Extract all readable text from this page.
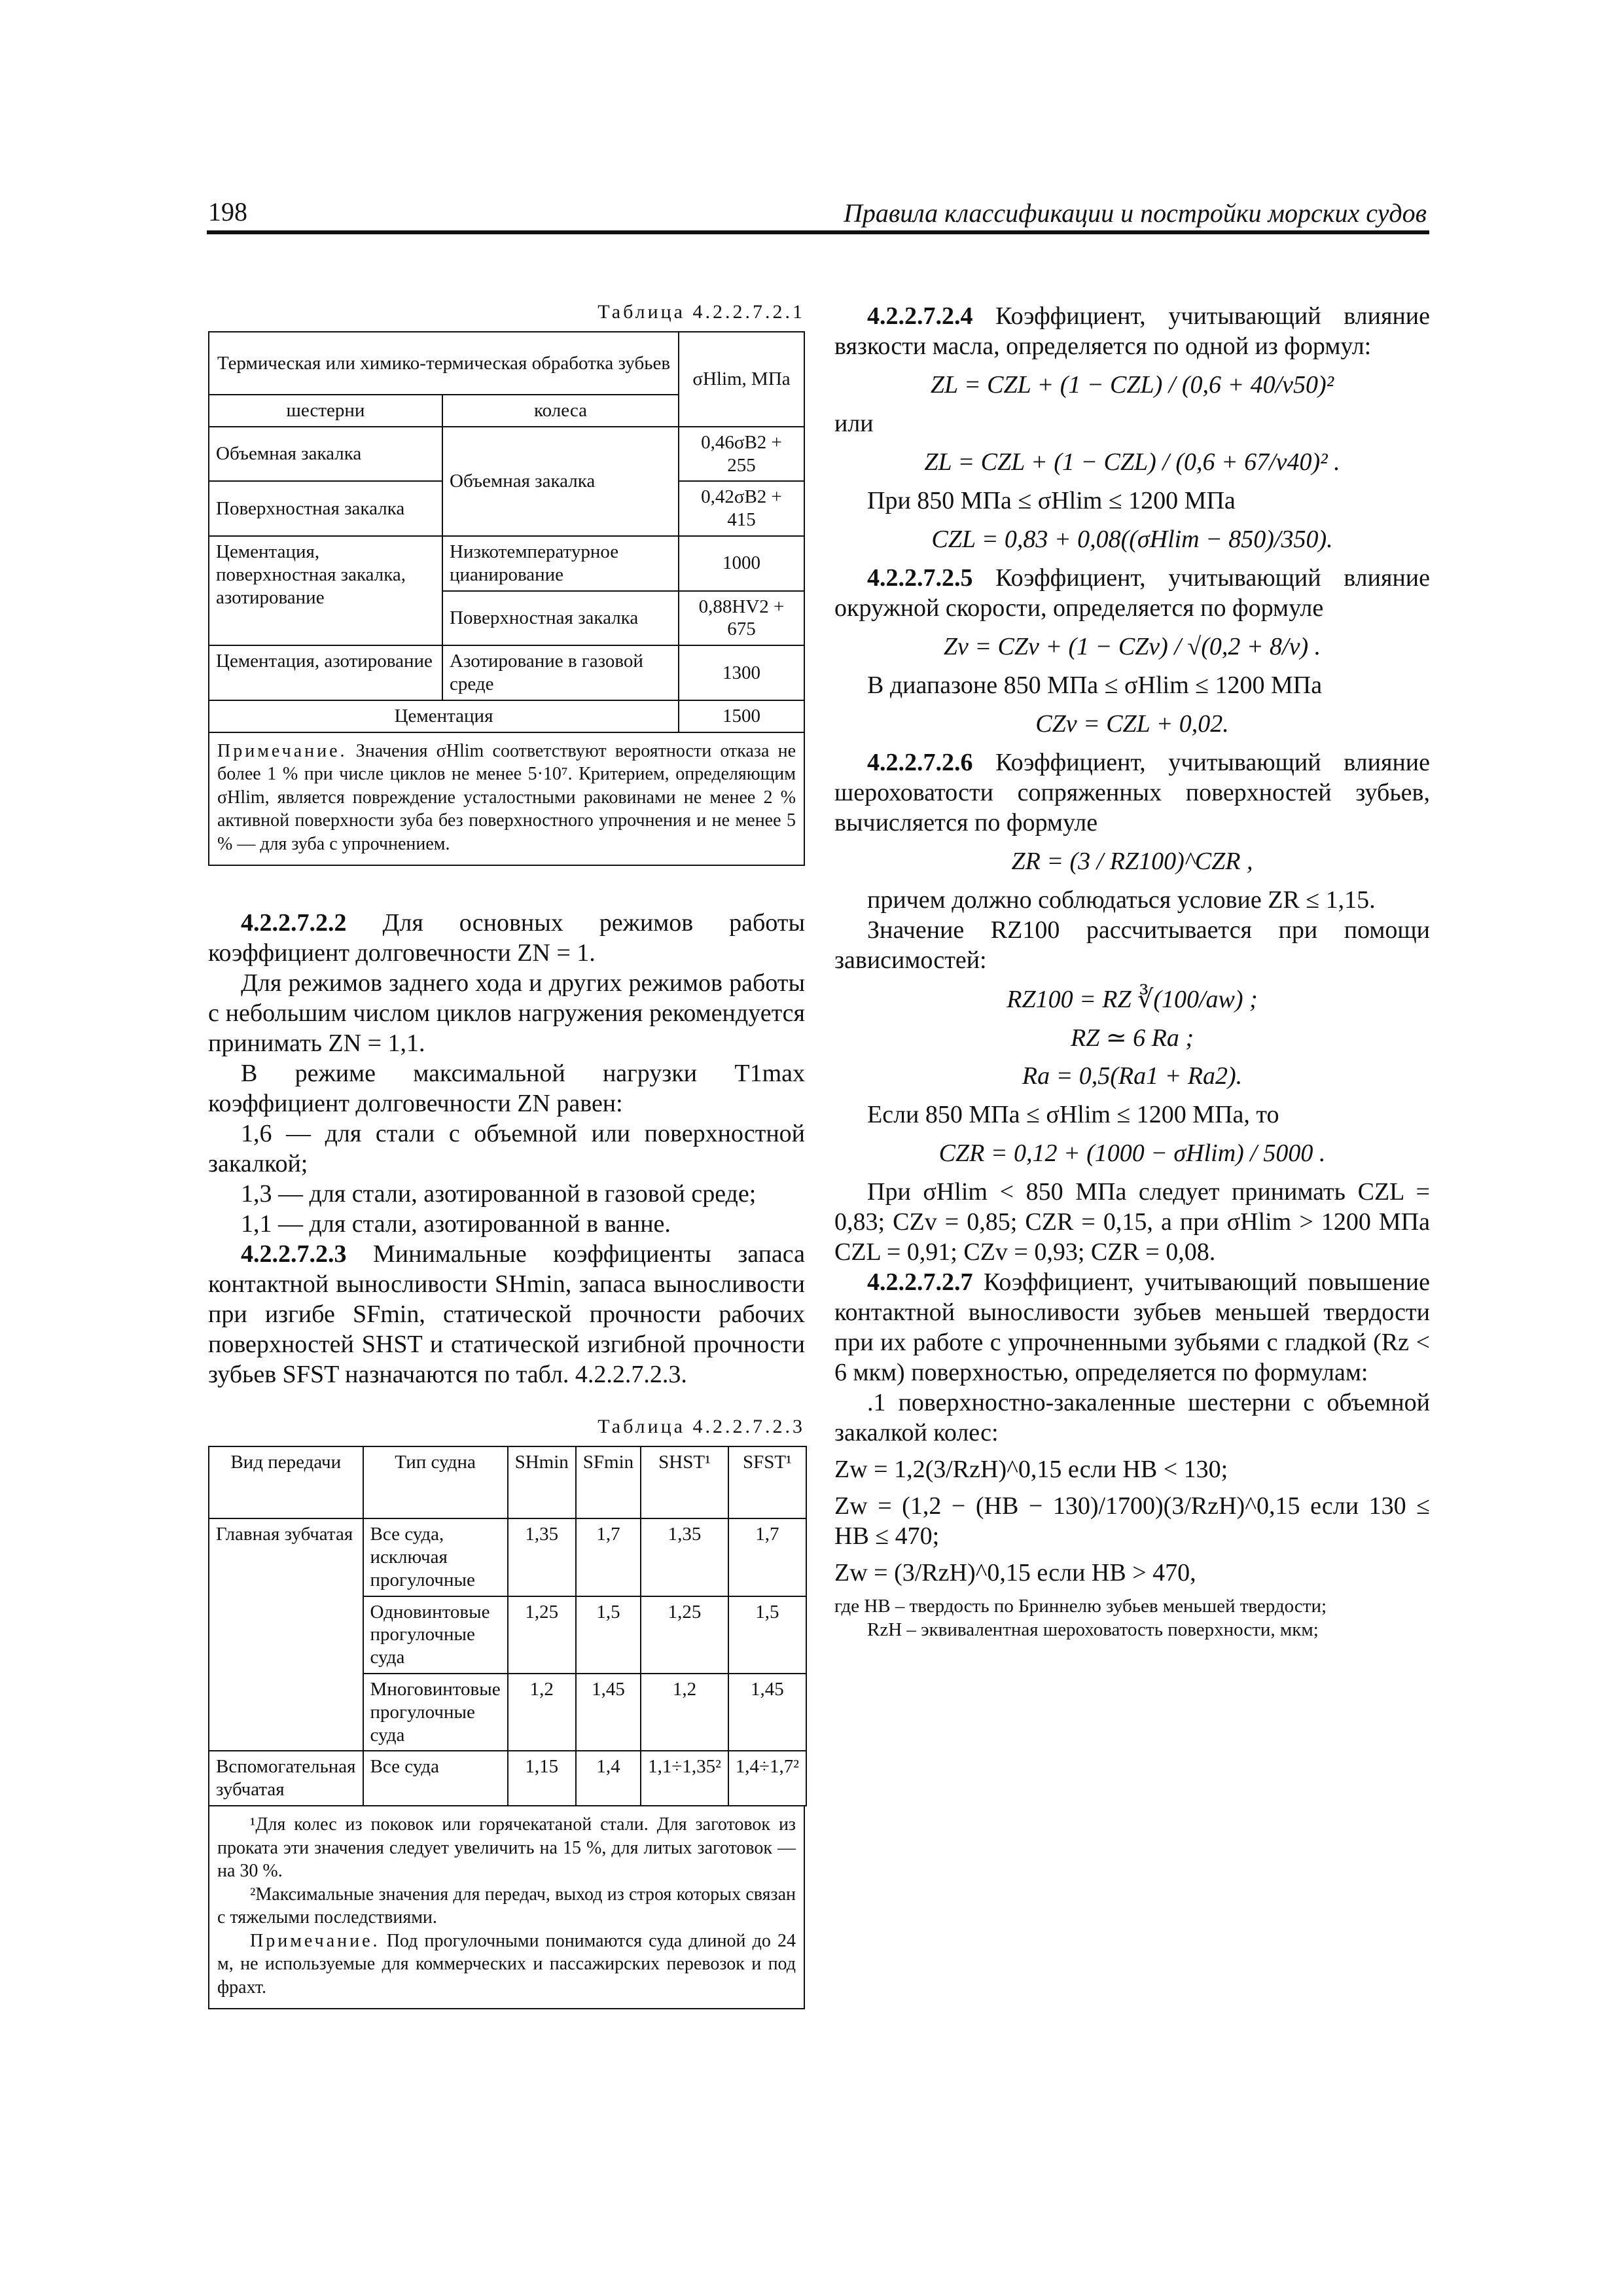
198	Правила классификации и постройки морских судов
Таблица 4.2.2.7.2.1
Термическая или химико-термическая обработка зубьев		σHlim, МПа
шестерни	колеса	
Объемная закалка	Объемная закалка	0,46σB2 + 255
Поверхностная закалка		0,42σB2 + 415
Цементация, поверхностная закалка, азотирование	Низкотемпературное цианирование	1000
	Поверхностная закалка	0,88HV2 + 675
Цементация, азотирование	Азотирование в газовой среде	1300
Цементация		1500
Примечание. Значения σHlim соответствуют вероятности отказа не более 1 % при числе циклов не менее 5·10⁷. Критерием, определяющим σHlim, является повреждение усталостными раковинами не менее 2 % активной поверхности зуба без поверхностного упрочнения и не менее 5 % — для зуба с упрочнением.

4.2.2.7.2.2 Для основных режимов работы коэффициент долговечности ZN = 1.

Для режимов заднего хода и других режимов работы с небольшим числом циклов нагружения рекомендуется принимать ZN = 1,1.

В режиме максимальной нагрузки T1max коэффициент долговечности ZN равен:

1,6 — для стали с объемной или поверхностной закалкой;

1,3 — для стали, азотированной в газовой среде;

1,1 — для стали, азотированной в ванне.

4.2.2.7.2.3 Минимальные коэффициенты запаса контактной выносливости SHmin, запаса выносливости при изгибе SFmin, статической прочности рабочих поверхностей SHST и статической изгибной прочности зубьев SFST назначаются по табл. 4.2.2.7.2.3.

Таблица 4.2.2.7.2.3
Вид передачи	Тип судна	SHmin	SFmin	SHST¹	SFST¹
Главная зубчатая	Все суда, исключая прогулочные	1,35	1,7	1,35	1,7
	Одновинтовые прогулочные суда	1,25	1,5	1,25	1,5
	Многовинтовые прогулочные суда	1,2	1,45	1,2	1,45
Вспомогательная зубчатая	Все суда	1,15	1,4	1,1÷1,35²	1,4÷1,7²
¹Для колес из поковок или горячекатаной стали. Для заготовок из проката эти значения следует увеличить на 15 %, для литых заготовок — на 30 %.
²Максимальные значения для передач, выход из строя которых связан с тяжелыми последствиями.
Примечание. Под прогулочными понимаются суда длиной до 24 м, не используемые для коммерческих и пассажирских перевозок и под фрахт.

4.2.2.7.2.4 Коэффициент, учитывающий влияние вязкости масла, определяется по одной из формул:

ZL = CZL + (1 − CZL) / (0,6 + 40/ν50)²

или

ZL = CZL + (1 − CZL) / (0,6 + 67/ν40)² .

При 850 МПа ≤ σHlim ≤ 1200 МПа

CZL = 0,83 + 0,08((σHlim − 850)/350).

4.2.2.7.2.5 Коэффициент, учитывающий влияние окружной скорости, определяется по формуле

Zv = CZv + (1 − CZv) / √(0,2 + 8/v) .

В диапазоне 850 МПа ≤ σHlim ≤ 1200 МПа

CZv = CZL + 0,02.

4.2.2.7.2.6 Коэффициент, учитывающий влияние шероховатости сопряженных поверхностей зубьев, вычисляется по формуле

ZR = (3 / RZ100)^CZR ,

причем должно соблюдаться условие ZR ≤ 1,15.

Значение RZ100 рассчитывается при помощи зависимостей:

RZ100 = RZ ∛(100/aw) ;
RZ ≃ 6 Ra ;
Ra = 0,5(Ra1 + Ra2).

Если 850 МПа ≤ σHlim ≤ 1200 МПа, то

CZR = 0,12 + (1000 − σHlim) / 5000 .

При σHlim < 850 МПа следует принимать CZL = 0,83; CZv = 0,85; CZR = 0,15, а при σHlim > 1200 МПа CZL = 0,91; CZv = 0,93; CZR = 0,08.

4.2.2.7.2.7 Коэффициент, учитывающий повышение контактной выносливости зубьев меньшей твердости при их работе с упрочненными зубьями с гладкой (Rz < 6 мкм) поверхностью, определяется по формулам:

.1 поверхностно-закаленные шестерни с объемной закалкой колес:

Zw = 1,2(3/RzH)^0,15 если HB < 130;

Zw = (1,2 − (HB − 130)/1700)(3/RzH)^0,15 если 130 ≤ HB ≤ 470;

Zw = (3/RzH)^0,15 если HB > 470,

где HB – твердость по Бриннелю зубьев меньшей твердости;

RzH – эквивалентная шероховатость поверхности, мкм;
